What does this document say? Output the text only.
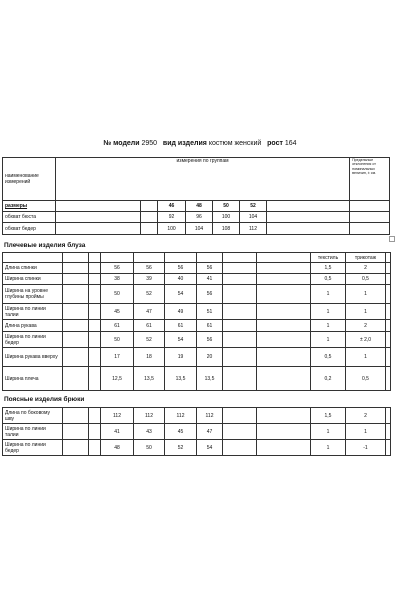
№ модели 2950 вид изделия костюм женский рост 164
наименование измерений	измерения по группам							Предельные отклонения от номинальных величин, ± см.
размеры			46	48	50	52		
обхват бюста			92	96	100	104		
обхват бедер			100	104	108	112		
Плечевые изделия блуза
									текстиль	трикотаж	
Длина спинки			56	56	56	56			1,5	2	
Ширина спинки			38	39	40	41			0,5	0,5	
Ширина на уровне глубины проймы			50	52	54	56			1	1	
Ширина по линии талии			45	47	49	51			1	1	
Длина рукава			61	61	61	61			1	2	
Ширина по линии бедер			50	52	54	56			1	± 2,0	
Ширина рукава вверху			17	18	19	20			0,5	1	
Ширина плеча			12,5	13,5	13,5	13,5			0,2	0,5	
Поясные изделия брюки
Длина по боковому шву			112	112	112	112			1,5	2	
Ширина по линии талии			41	43	45	47			1	1	
Ширина по линии бедер			48	50	52	54			1	-1	
